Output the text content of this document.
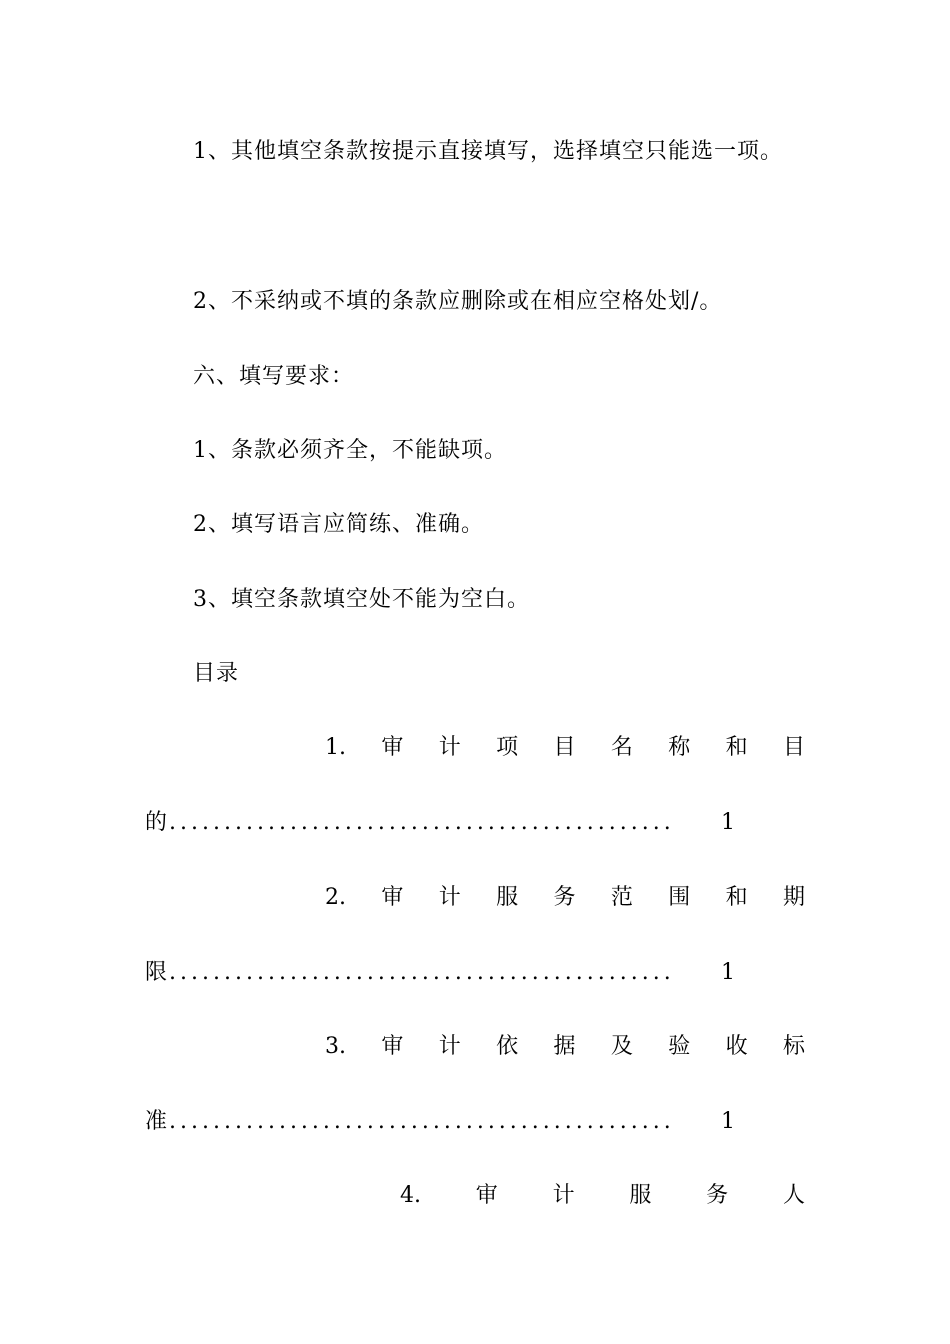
1、其他填空条款按提示直接填写，选择填空只能选一项。
2、不采纳或不填的条款应删除或在相应空格处划/。
六、填写要求：
1、条款必须齐全，不能缺项。
2、填写语言应简练、准确。
3、填空条款填空处不能为空白。
目录
1. 审 计 项 目 名 称 和 目
的 ..............................................	1
2. 审 计 服 务 范 围 和 期
限 ..............................................	1
3. 审 计 依 据 及 验 收 标
准 ..............................................	1
4. 审 计 服 务 人
